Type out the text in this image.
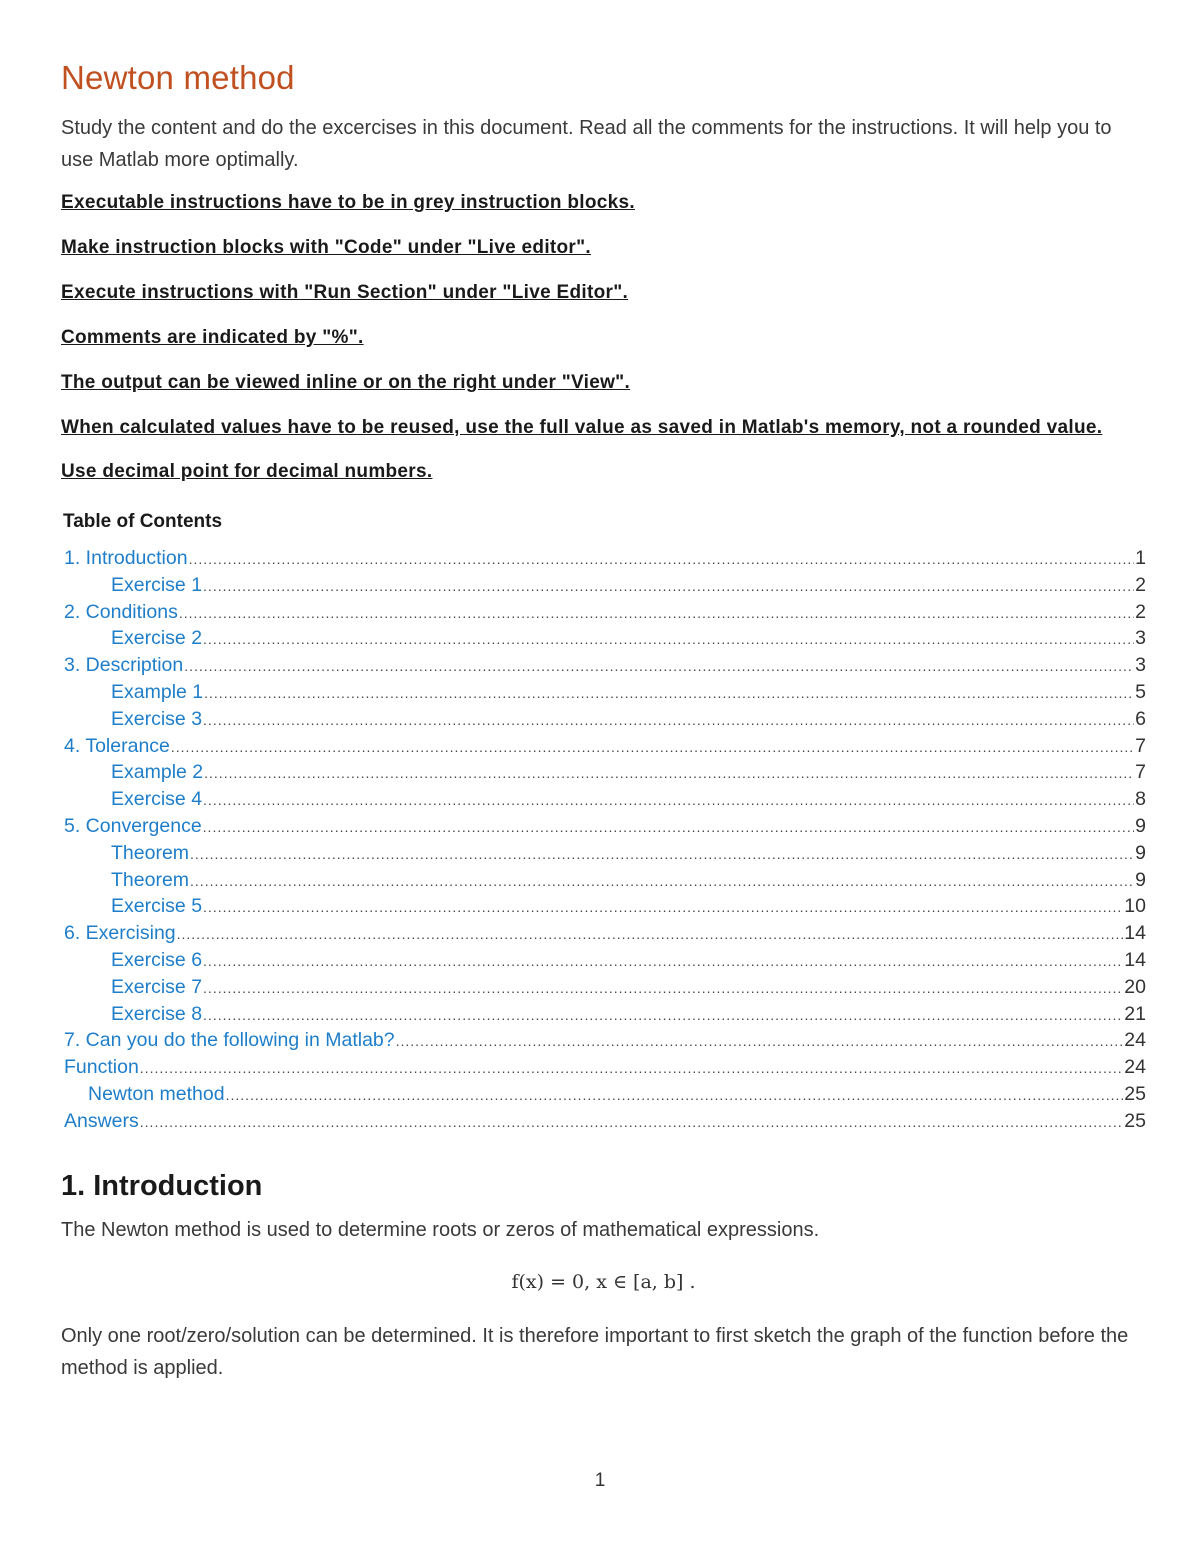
Newton method

Study the content and do the excercises in this document. Read all the comments for the instructions. It will help you to use Matlab more optimally.

Executable instructions have to be in grey instruction blocks.

Make instruction blocks with "Code" under "Live editor".

Execute instructions with "Run Section" under "Live Editor".

Comments are indicated by "%".

The output can be viewed inline or on the right under "View".

When calculated values have to be reused, use the full value as saved in Matlab's memory, not a rounded value.

Use decimal point for decimal numbers.

Table of Contents
1. Introduction .....	1
Exercise 1 .....	2
2. Conditions .....	2
Exercise 2 .....	3
3. Description .....	3
Example 1 .....	5
Exercise 3 .....	6
4. Tolerance .....	7
Example 2 .....	7
Exercise 4 .....	8
5. Convergence .....	9
Theorem .....	9
Theorem .....	9
Exercise 5 .....	10
6. Exercising .....	14
Exercise 6 .....	14
Exercise 7 .....	20
Exercise 8 .....	21
7. Can you do the following in Matlab? .....	24
Function .....	24
Newton method .....	25
Answers .....	25
1. Introduction

The Newton method is used to determine roots or zeros of mathematical expressions.

f(x) = 0, x ∈ [a, b] .

Only one root/zero/solution can be determined. It is therefore important to first sketch the graph of the function before the method is applied.

1
